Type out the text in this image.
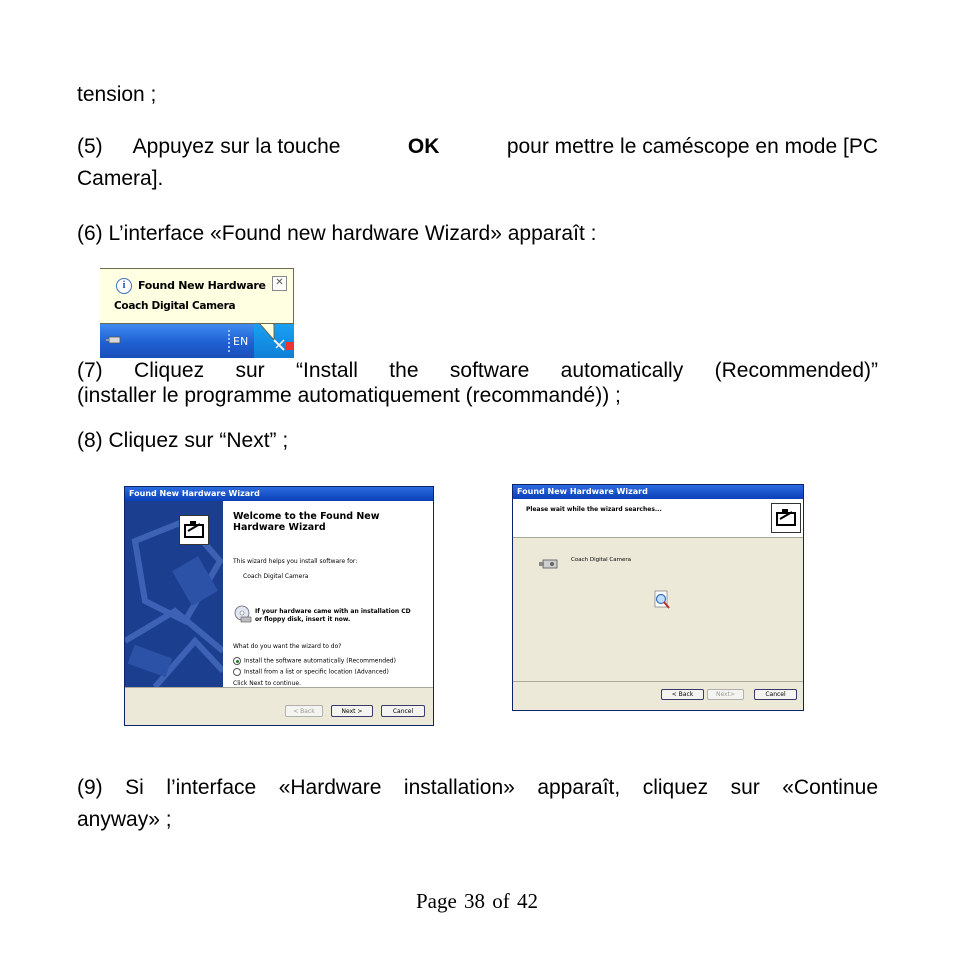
tension ;

(5) Appuyez sur la touche	OK	pour mettre le caméscope en mode [PC
Camera].

(6) L’interface «Found new hardware Wizard» apparaît :

i	Found New Hardware
Coach Digital Camera
✕
EN
(7) Cliquez sur “Install the software automatically (Recommended)”
(installer le programme automatiquement (recommandé)) ;

(8) Cliquez sur “Next” ;

Found New Hardware Wizard
Welcome to the Found New
Hardware Wizard
This wizard helps you install software for:
Coach Digital Camera
If your hardware came with an installation CD
or floppy disk, insert it now.
What do you want the wizard to do?
Install the software automatically (Recommended)
Install from a list or specific location (Advanced)
Click Next to continue.
< Back	Next >	Cancel
Found New Hardware Wizard
Please wait while the wizard searches...
Coach Digital Camera
< Back	Next>	Cancel
(9) Si l’interface «Hardware installation» apparaît, cliquez sur «Continue
anyway» ;
Page 38 of 42
